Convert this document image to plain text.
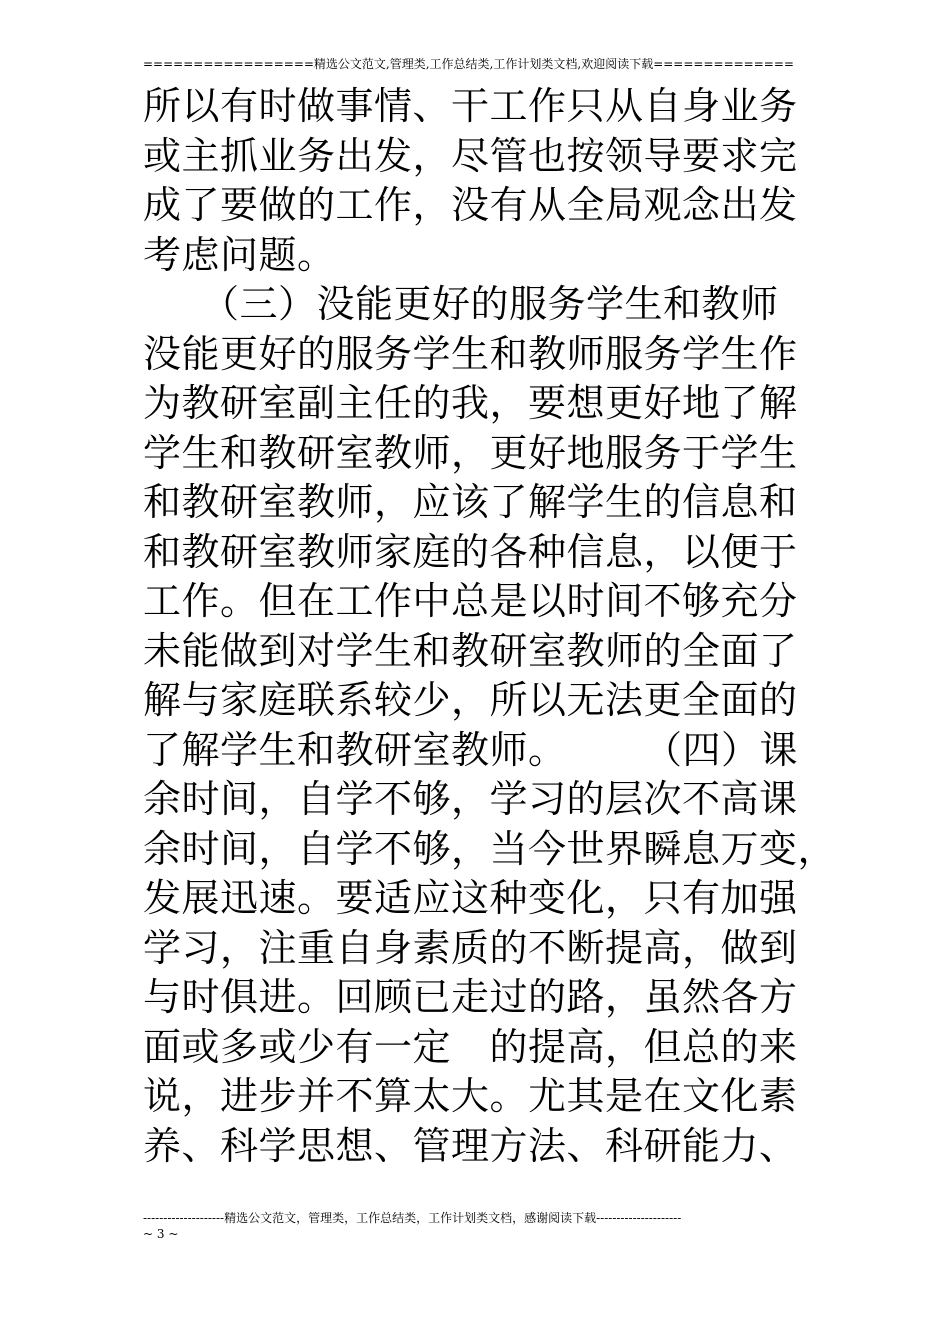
=================精选公文范文,管理类,工作总结类,工作计划类文档,欢迎阅读下载==============
所以有时做事情、干工作只从自身业务
或主抓业务出发，尽管也按领导要求完
成了要做的工作，没有从全局观念出发
考虑问题。
　　（三）没能更好的服务学生和教师
没能更好的服务学生和教师服务学生作
为教研室副主任的我，要想更好地了解
学生和教研室教师，更好地服务于学生
和教研室教师，应该了解学生的信息和
和教研室教师家庭的各种信息，以便于
工作。但在工作中总是以时间不够充分
未能做到对学生和教研室教师的全面了
解与家庭联系较少，所以无法更全面的
了解学生和教研室教师。　　　（四）课
余时间，自学不够，学习的层次不高课
余时间，自学不够，当今世界瞬息万变，
发展迅速。要适应这种变化，只有加强
学习，注重自身素质的不断提高，做到
与时俱进。回顾已走过的路，虽然各方
面或多或少有一定　的提高，但总的来
说，进步并不算太大。尤其是在文化素
养、科学思想、管理方法、科研能力、
--------------------精选公文范文，管理类，工作总结类，工作计划类文档，感谢阅读下载---------------------
~ 3 ~
